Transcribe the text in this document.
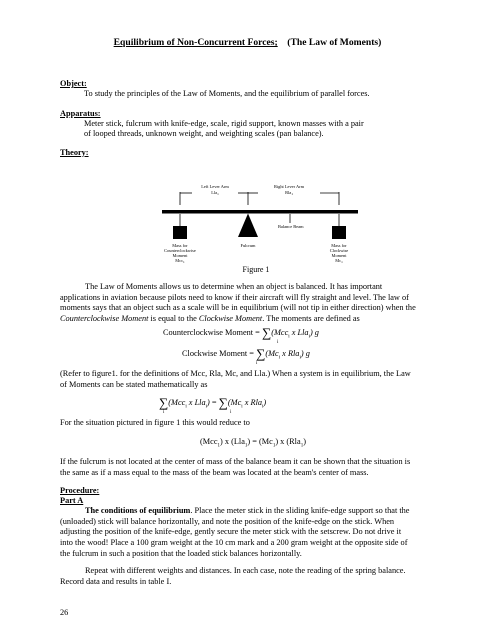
Equilibrium of Non-Concurrent Forces; (The Law of Moments)
Object:
To study the principles of the Law of Moments, and the equilibrium of parallel forces.
Apparatus:
Meter stick, fulcrum with knife-edge, scale, rigid support, known masses with a pair
of looped threads, unknown weight, and weighting scales (pan balance).
Theory:
Left Lever Arm
Lla$_1$
Right Lever Arm
Rla$_1$
Balance Beam
Mass for
Counterclockwise
Moment
Mcc$_1$
Fulcrum	Mass for
Clockwise
Moment
$Mc_1$
Figure 1
The Law of Moments allows us to determine when an object is balanced. It has important
applications in aviation because pilots need to know if their aircraft will fly straight and level. The law of
moments says that an object such as a scale will be in equilibrium (will not tip in either direction) when the
Counterclockwise Moment is equal to the Clockwise Moment. The moments are defined as
Counterclockwise Moment = ∑(Mcc$_i$ x Lla$_i$) g
i
Clockwise Moment = $\sum(Mc_i$ x Rla$_i$) g
i
(Refer to figure1. for the definitions of Mcc, Rla, Mc, and Lla.) When a system is in equilibrium, the Law
of Moments can be stated mathematically as
∑(Mcc$_i$ x $Lla_i) = \sum(Mc_i$ x Rla$_i$)
i	i
For the situation pictured in figure 1 this would reduce to
(Mcc$_1$) x $(Lla_1) = (Mc_1)$ x (Rla$_1$)
If the fulcrum is not located at the center of mass of the balance beam it can be shown that the situation is
the same as if a mass equal to the mass of the beam was located at the beam's center of mass.
Procedure:
Part A
The conditions of equilibrium. Place the meter stick in the sliding knife-edge support so that the
(unloaded) stick will balance horizontally, and note the position of the knife-edge on the stick. When
adjusting the position of the knife-edge, gently secure the meter stick with the setscrew. Do not drive it
into the wood! Place a 100 gram weight at the 10 cm mark and a 200 gram weight at the opposite side of
the fulcrum in such a position that the loaded stick balances horizontally.
Repeat with different weights and distances. In each case, note the reading of the spring balance.
Record data and results in table I.
26
